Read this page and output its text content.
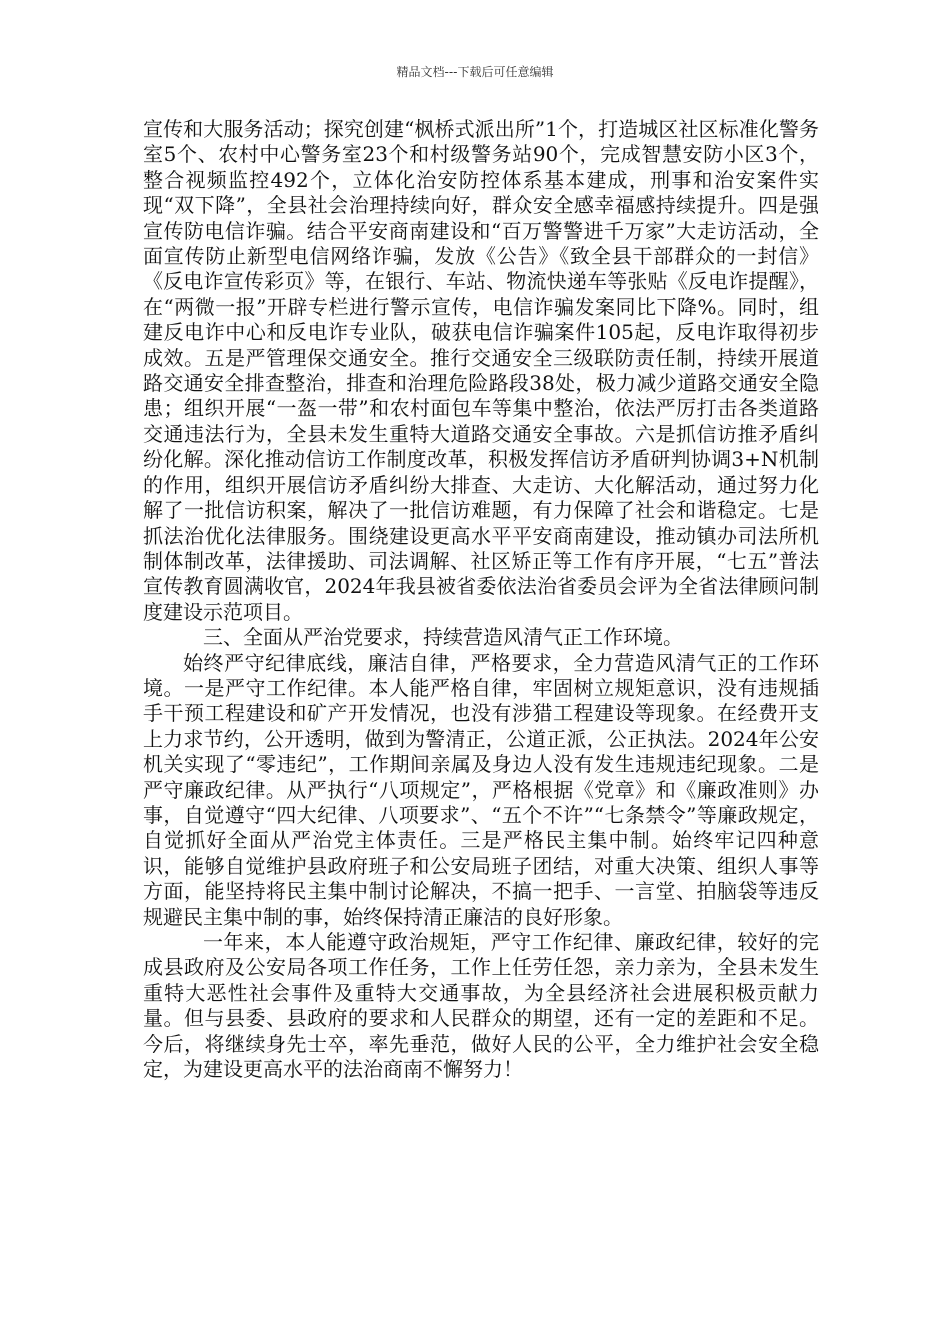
精品文档---下载后可任意编辑

宣传和大服务活动；探究创建“枫桥式派出所”1个，打造城区社区标准化警务室5个、农村中心警务室23个和村级警务站90个，完成智慧安防小区3个，整合视频监控492个，立体化治安防控体系基本建成，刑事和治安案件实现“双下降”，全县社会治理持续向好，群众安全感幸福感持续提升。四是强宣传防电信诈骗。结合平安商南建设和“百万警警进千万家”大走访活动，全面宣传防止新型电信网络诈骗，发放《公告》《致全县干部群众的一封信》《反电诈宣传彩页》等，在银行、车站、物流快递车等张贴《反电诈提醒》，在“两微一报”开辟专栏进行警示宣传，电信诈骗发案同比下降%。同时，组建反电诈中心和反电诈专业队，破获电信诈骗案件105起，反电诈取得初步成效。五是严管理保交通安全。推行交通安全三级联防责任制，持续开展道路交通安全排查整治，排查和治理危险路段38处，极力减少道路交通安全隐患；组织开展“一盔一带”和农村面包车等集中整治，依法严厉打击各类道路交通违法行为，全县未发生重特大道路交通安全事故。六是抓信访推矛盾纠纷化解。深化推动信访工作制度改革，积极发挥信访矛盾研判协调3+N机制的作用，组织开展信访矛盾纠纷大排查、大走访、大化解活动，通过努力化解了一批信访积案，解决了一批信访难题，有力保障了社会和谐稳定。七是抓法治优化法律服务。围绕建设更高水平平安商南建设，推动镇办司法所机制体制改革，法律援助、司法调解、社区矫正等工作有序开展，“七五”普法宣传教育圆满收官，2024年我县被省委依法治省委员会评为全省法律顾问制度建设示范项目。

三、全面从严治党要求，持续营造风清气正工作环境。

始终严守纪律底线，廉洁自律，严格要求，全力营造风清气正的工作环境。一是严守工作纪律。本人能严格自律，牢固树立规矩意识，没有违规插手干预工程建设和矿产开发情况，也没有涉猎工程建设等现象。在经费开支上力求节约，公开透明，做到为警清正，公道正派，公正执法。2024年公安机关实现了“零违纪”，工作期间亲属及身边人没有发生违规违纪现象。二是严守廉政纪律。从严执行“八项规定”，严格根据《党章》和《廉政准则》办事，自觉遵守“四大纪律、八项要求”、“五个不许”“七条禁令”等廉政规定，自觉抓好全面从严治党主体责任。三是严格民主集中制。始终牢记四种意识，能够自觉维护县政府班子和公安局班子团结，对重大决策、组织人事等方面，能坚持将民主集中制讨论解决，不搞一把手、一言堂、拍脑袋等违反规避民主集中制的事，始终保持清正廉洁的良好形象。

一年来，本人能遵守政治规矩，严守工作纪律、廉政纪律，较好的完成县政府及公安局各项工作任务，工作上任劳任怨，亲力亲为，全县未发生重特大恶性社会事件及重特大交通事故，为全县经济社会进展积极贡献力量。但与县委、县政府的要求和人民群众的期望，还有一定的差距和不足。今后，将继续身先士卒，率先垂范，做好人民的公平，全力维护社会安全稳定，为建设更高水平的法治商南不懈努力！
